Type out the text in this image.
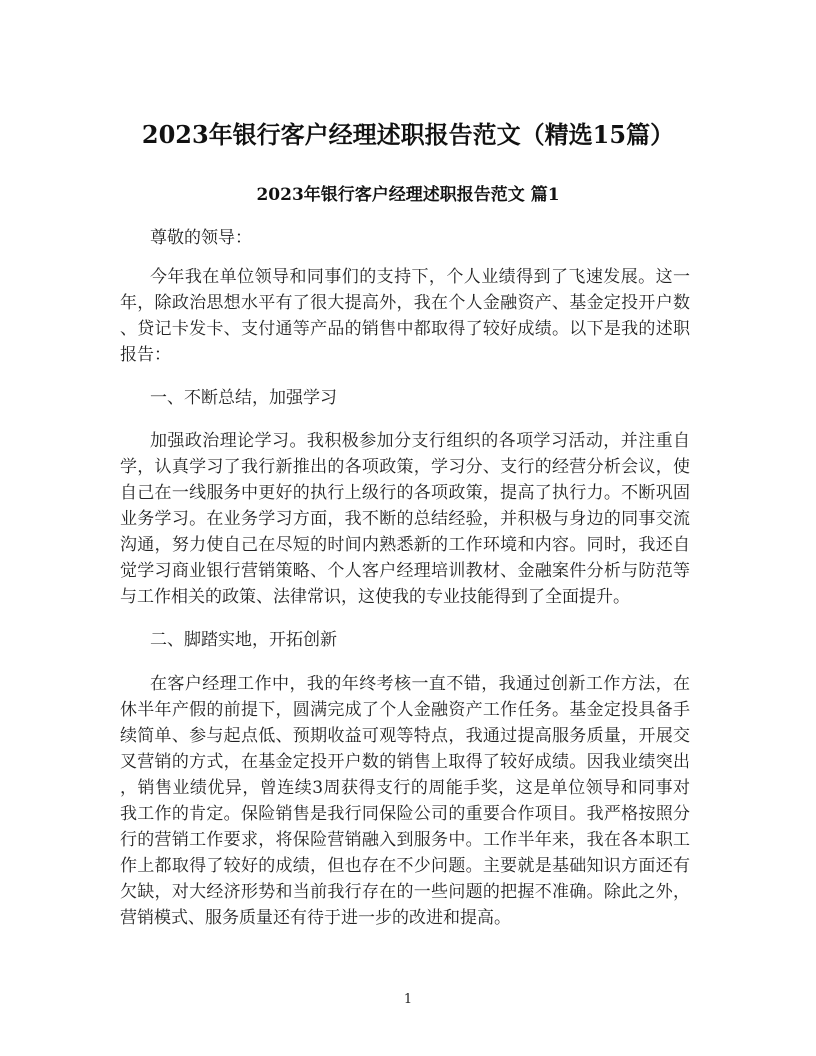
2023年银行客户经理述职报告范文（精选15篇）
2023年银行客户经理述职报告范文 篇1
尊敬的领导：
今年我在单位领导和同事们的支持下，个人业绩得到了飞速发展。这一
年，除政治思想水平有了很大提高外，我在个人金融资产、基金定投开户数
、贷记卡发卡、支付通等产品的销售中都取得了较好成绩。以下是我的述职
报告：
一、不断总结，加强学习
加强政治理论学习。我积极参加分支行组织的各项学习活动，并注重自
学，认真学习了我行新推出的各项政策，学习分、支行的经营分析会议，使
自己在一线服务中更好的执行上级行的各项政策，提高了执行力。不断巩固
业务学习。在业务学习方面，我不断的总结经验，并积极与身边的同事交流
沟通，努力使自己在尽短的时间内熟悉新的工作环境和内容。同时，我还自
觉学习商业银行营销策略、个人客户经理培训教材、金融案件分析与防范等
与工作相关的政策、法律常识，这使我的专业技能得到了全面提升。
二、脚踏实地，开拓创新
在客户经理工作中，我的年终考核一直不错，我通过创新工作方法，在
休半年产假的前提下，圆满完成了个人金融资产工作任务。基金定投具备手
续简单、参与起点低、预期收益可观等特点，我通过提高服务质量，开展交
叉营销的方式，在基金定投开户数的销售上取得了较好成绩。因我业绩突出
，销售业绩优异，曾连续3周获得支行的周能手奖，这是单位领导和同事对
我工作的肯定。保险销售是我行同保险公司的重要合作项目。我严格按照分
行的营销工作要求，将保险营销融入到服务中。工作半年来，我在各本职工
作上都取得了较好的成绩，但也存在不少问题。主要就是基础知识方面还有
欠缺，对大经济形势和当前我行存在的一些问题的把握不准确。除此之外，
营销模式、服务质量还有待于进一步的改进和提高。
1
